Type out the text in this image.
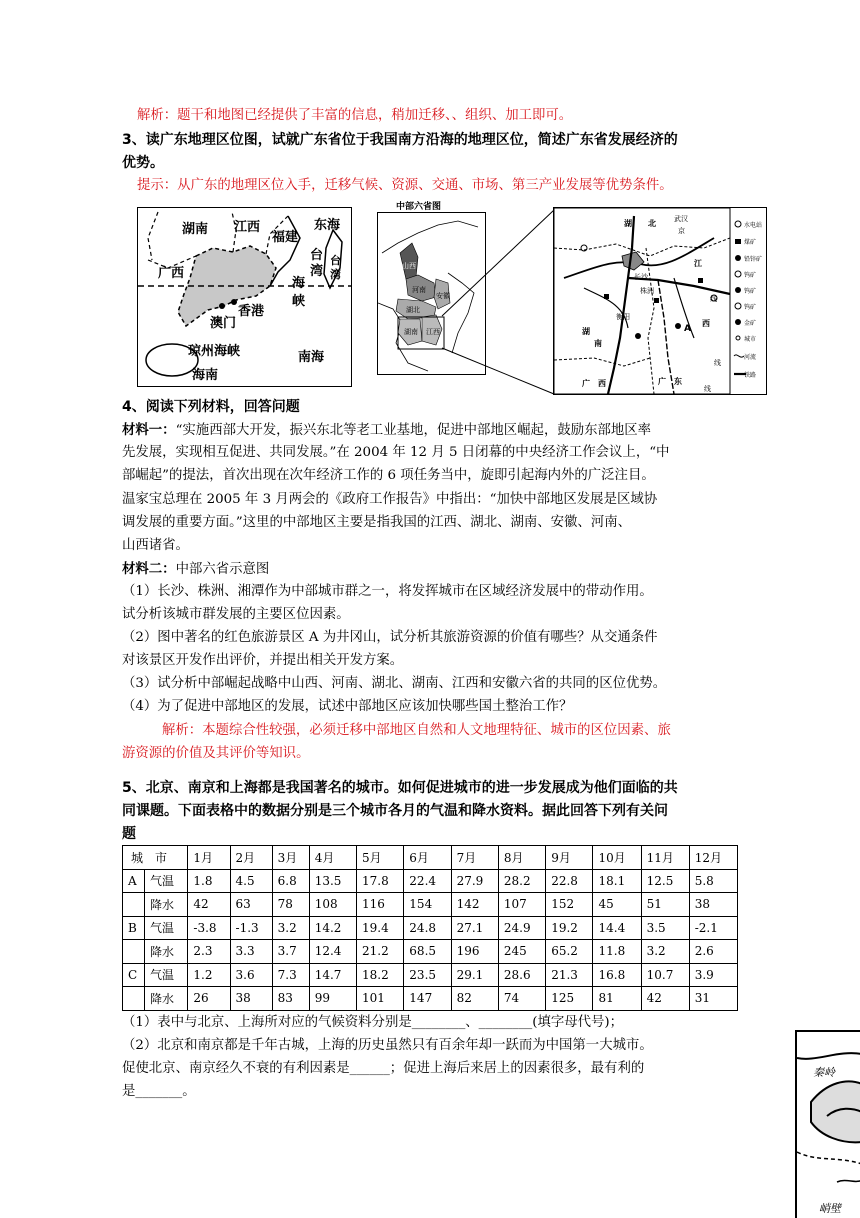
解析：题干和地图已经提供了丰富的信息，稍加迁移、、组织、加工即可。
3、读广东地理区位图，试就广东省位于我国南方沿海的地理区位，简述广东省发展经济的
优势。
提示：从广东的地理区位入手，迁移气候、资源、交通、市场、第三产业发展等优势条件。
湖南 江西
福建
东海
台
湾
海
峡
台
湾
广西
香港
澳门
琼州海峡	南海
海南
中部六省图
山西
河南
安徽
湖北
湖南 江西
湖 北	武汉
京
江
湖
南
西
长沙
株洲
衡阳
A
广 西	广 东
线
线
线
水电站
煤矿
铅锌矿
钨矿
钨矿
钨矿
金矿
城市
河流
铁路
4、阅读下列材料，回答问题
材料一：“实施西部大开发，振兴东北等老工业基地，促进中部地区崛起，鼓励东部地区率
先发展，实现相互促进、共同发展。”在 2004 年 12 月 5 日闭幕的中央经济工作会议上，“中
部崛起”的提法，首次出现在次年经济工作的 6 项任务当中，旋即引起海内外的广泛注目。
温家宝总理在 2005 年 3 月两会的《政府工作报告》中指出：“加快中部地区发展是区域协
调发展的重要方面。”这里的中部地区主要是指我国的江西、湖北、湖南、安徽、河南、
山西诸省。
材料二：中部六省示意图
（1）长沙、株洲、湘潭作为中部城市群之一，将发挥城市在区域经济发展中的带动作用。
试分析该城市群发展的主要区位因素。
（2）图中著名的红色旅游景区 A 为井冈山，试分析其旅游资源的价值有哪些？从交通条件
对该景区开发作出评价，并提出相关开发方案。
（3）试分析中部崛起战略中山西、河南、湖北、湖南、江西和安徽六省的共同的区位优势。
（4）为了促进中部地区的发展，试述中部地区应该加快哪些国土整治工作？
解析：本题综合性较强，必须迁移中部地区自然和人文地理特征、城市的区位因素、旅
游资源的价值及其评价等知识。
5、北京、南京和上海都是我国著名的城市。如何促进城市的进一步发展成为他们面临的共
同课题。下面表格中的数据分别是三个城市各月的气温和降水资料。据此回答下列有关问
题
城　市		1月	2月	3月	4月	5月	6月	7月	8月	9月	10月	11月	12月
A	气温	1.8	4.5	6.8	13.5	17.8	22.4	27.9	28.2	22.8	18.1	12.5	5.8
	降水	42	63	78	108	116	154	142	107	152	45	51	38
B	气温	-3.8	-1.3	3.2	14.2	19.4	24.8	27.1	24.9	19.2	14.4	3.5	-2.1
	降水	2.3	3.3	3.7	12.4	21.2	68.5	196	245	65.2	11.8	3.2	2.6
C	气温	1.2	3.6	7.3	14.7	18.2	23.5	29.1	28.6	21.3	16.8	10.7	3.9
	降水	26	38	83	99	101	147	82	74	125	81	42	31
（1）表中与北京、上海所对应的气候资料分别是________、________(填字母代号)；
（2）北京和南京都是千年古城，上海的历史虽然只有百余年却一跃而为中国第一大城市。
促使北京、南京经久不衰的有利因素是______；促进上海后来居上的因素很多，最有利的
是_______。
秦岭
峭壁
